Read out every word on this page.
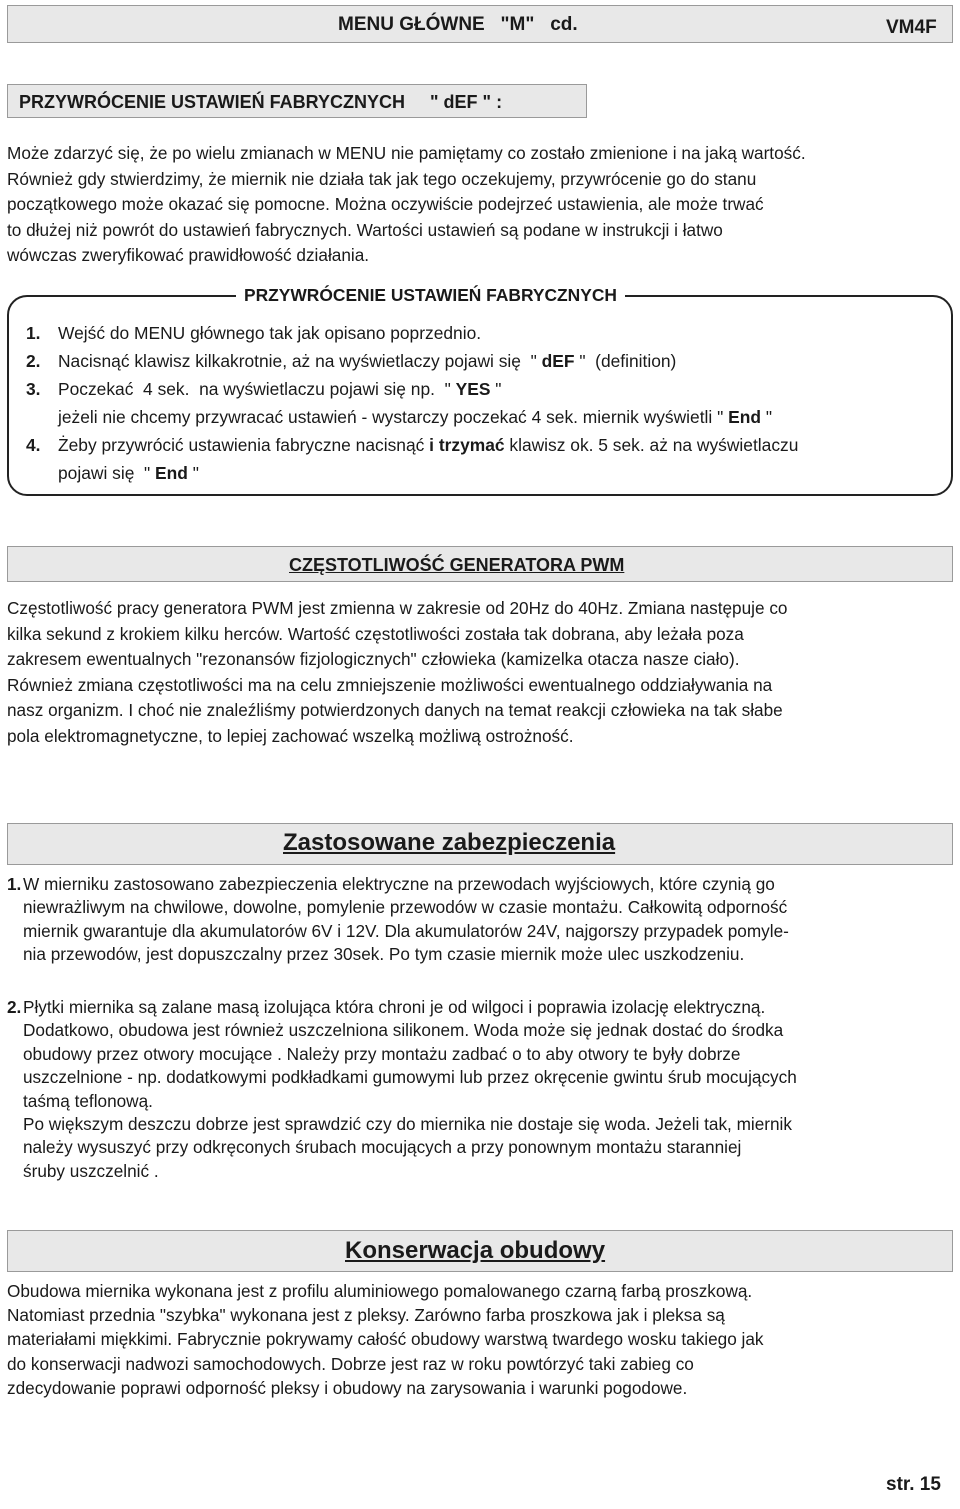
MENU GŁÓWNE   "M"   cd.	VM4F
PRZYWRÓCENIE USTAWIEŃ FABRYCZNYCH     " dEF " :

Może zdarzyć się, że po wielu zmianach w MENU nie pamiętamy co zostało zmienione i na jaką wartość.
Również gdy stwierdzimy, że miernik nie działa tak jak tego oczekujemy, przywrócenie go do stanu
początkowego może okazać się pomocne. Można oczywiście podejrzeć ustawienia, ale może trwać
to dłużej niż powrót do ustawień fabrycznych. Wartości ustawień są podane w instrukcji i łatwo
wówczas zweryfikować prawidłowość działania.

PRZYWRÓCENIE USTAWIEŃ FABRYCZNYCH
1.	Wejść do MENU głównego tak jak opisano poprzednio.
2.	Nacisnąć klawisz kilkakrotnie, aż na wyświetlaczy pojawi się  " dEF "  (definition)
3.	Poczekać  4 sek.  na wyświetlaczu pojawi się np.  " YES "
jeżeli nie chcemy przywracać ustawień - wystarczy poczekać 4 sek. miernik wyświetli " End "
4.	Żeby przywrócić ustawienia fabryczne nacisnąć i trzymać klawisz ok. 5 sek. aż na wyświetlaczu
pojawi się  " End "
CZĘSTOTLIWOŚĆ GENERATORA PWM

Częstotliwość pracy generatora PWM jest zmienna w zakresie od 20Hz do 40Hz. Zmiana następuje co
kilka sekund z krokiem kilku herców. Wartość częstotliwości została tak dobrana, aby leżała poza
zakresem ewentualnych "rezonansów fizjologicznych" człowieka (kamizelka otacza nasze ciało).
Również zmiana częstotliwości ma na celu zmniejszenie możliwości ewentualnego oddziaływania na
nasz organizm. I choć nie znaleźliśmy potwierdzonych danych na temat reakcji człowieka na tak słabe
pola elektromagnetyczne, to lepiej zachować wszelką możliwą ostrożność.

Zastosowane zabezpieczenia
1. W mierniku zastosowano zabezpieczenia elektryczne na przewodach wyjściowych, które czynią go
niewrażliwym na chwilowe, dowolne, pomylenie przewodów w czasie montażu. Całkowitą odporność
miernik gwarantuje dla akumulatorów 6V i 12V. Dla akumulatorów 24V, najgorszy przypadek pomyle-
nia przewodów, jest dopuszczalny przez 30sek. Po tym czasie miernik może ulec uszkodzeniu.
2. Płytki miernika są zalane masą izolująca która chroni je od wilgoci i poprawia izolację elektryczną.
Dodatkowo, obudowa jest również uszczelniona silikonem. Woda może się jednak dostać do środka
obudowy przez otwory mocujące . Należy przy montażu zadbać o to aby otwory te były dobrze
uszczelnione - np. dodatkowymi podkładkami gumowymi lub przez okręcenie gwintu śrub mocujących
taśmą teflonową.
Po większym deszczu dobrze jest sprawdzić czy do miernika nie dostaje się woda. Jeżeli tak, miernik
należy wysuszyć przy odkręconych śrubach mocujących a przy ponownym montażu staranniej
śruby uszczelnić .
Konserwacja obudowy

Obudowa miernika wykonana jest z profilu aluminiowego pomalowanego czarną farbą proszkową.
Natomiast przednia "szybka" wykonana jest z pleksy. Zarówno farba proszkowa jak i pleksa są
materiałami miękkimi. Fabrycznie pokrywamy całość obudowy warstwą twardego wosku takiego jak
do konserwacji nadwozi samochodowych. Dobrze jest raz w roku powtórzyć taki zabieg co
zdecydowanie poprawi odporność pleksy i obudowy na zarysowania i warunki pogodowe.

str. 15
